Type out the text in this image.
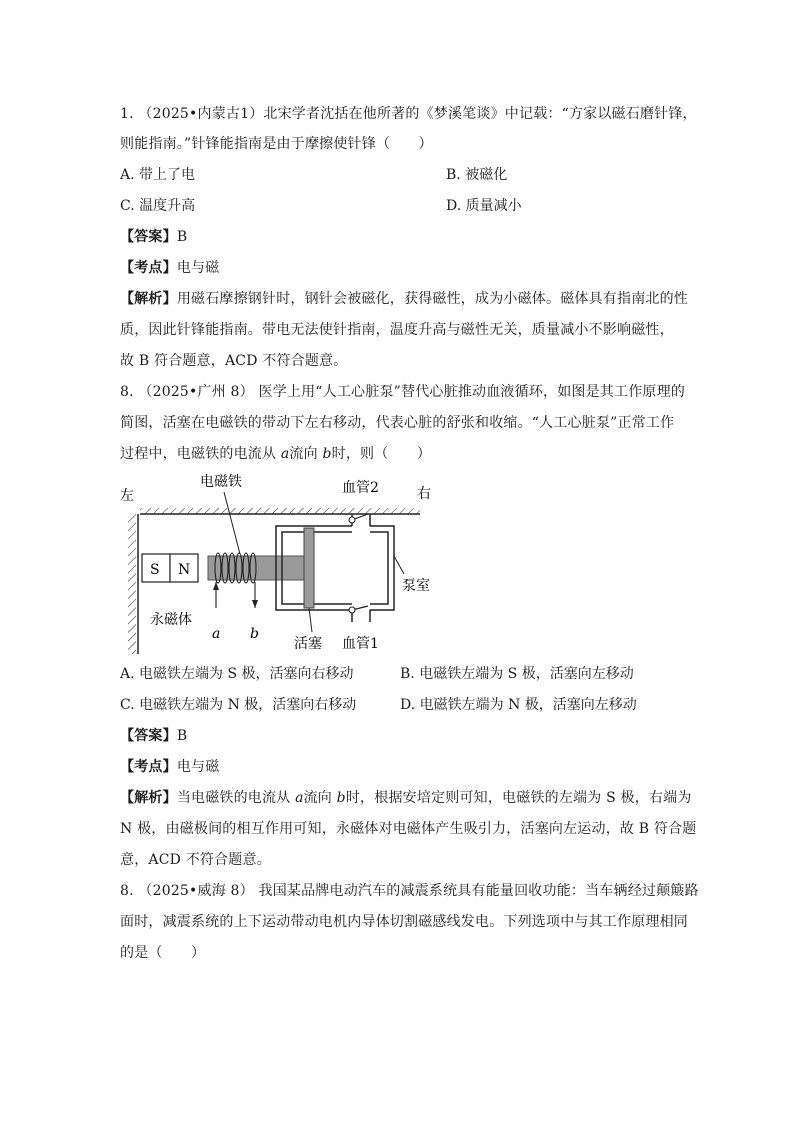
1. （2025•内蒙古1）北宋学者沈括在他所著的《梦溪笔谈》中记载：“方家以磁石磨针锋，
则能指南。”针锋能指南是由于摩擦使针锋（　　）
A. 带上了电	B. 被磁化
C. 温度升高	D. 质量减小
【答案】B
【考点】电与磁
【解析】用磁石摩擦钢针时，钢针会被磁化，获得磁性，成为小磁体。磁体具有指南北的性
质，因此针锋能指南。带电无法使针指南，温度升高与磁性无关，质量减小不影响磁性，
故 B 符合题意，ACD 不符合题意。
8. （2025•广州 8） 医学上用“人工心脏泵”替代心脏推动血液循环，如图是其工作原理的
简图，活塞在电磁铁的带动下左右移动，代表心脏的舒张和收缩。“人工心脏泵”正常工作
过程中，电磁铁的电流从 a流向 b时，则（　　）
左	右
S N
永磁体
电磁铁
a b
血管2
血管1
泵室
活塞
A. 电磁铁左端为 S 极，活塞向右移动	B. 电磁铁左端为 S 极，活塞向左移动
C. 电磁铁左端为 N 极，活塞向右移动	D. 电磁铁左端为 N 极，活塞向左移动
【答案】B
【考点】电与磁
【解析】当电磁铁的电流从 a流向 b时，根据安培定则可知，电磁铁的左端为 S 极，右端为
N 极，由磁极间的相互作用可知，永磁体对电磁体产生吸引力，活塞向左运动，故 B 符合题
意，ACD 不符合题意。
8. （2025•威海 8） 我国某品牌电动汽车的减震系统具有能量回收功能：当车辆经过颠簸路
面时，减震系统的上下运动带动电机内导体切割磁感线发电。下列选项中与其工作原理相同
的是（　　）
